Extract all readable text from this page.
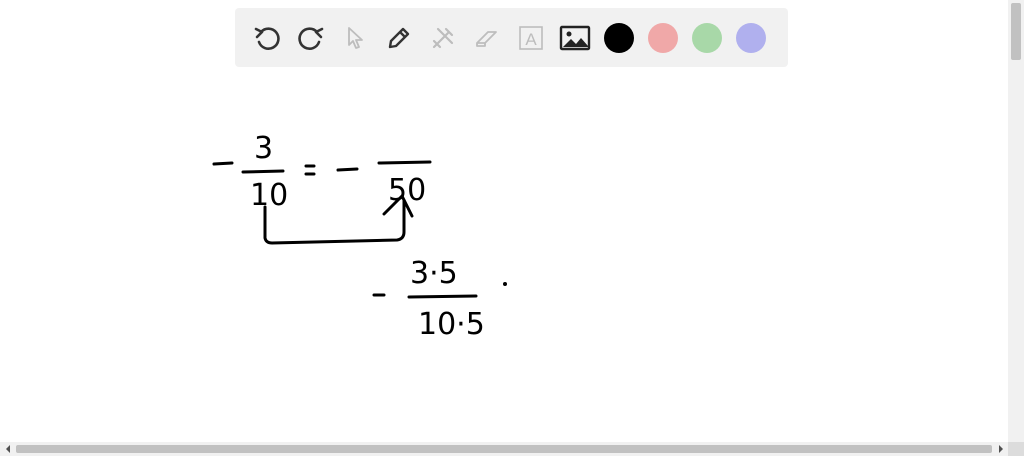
3
10	50
3·5
10·5
A
